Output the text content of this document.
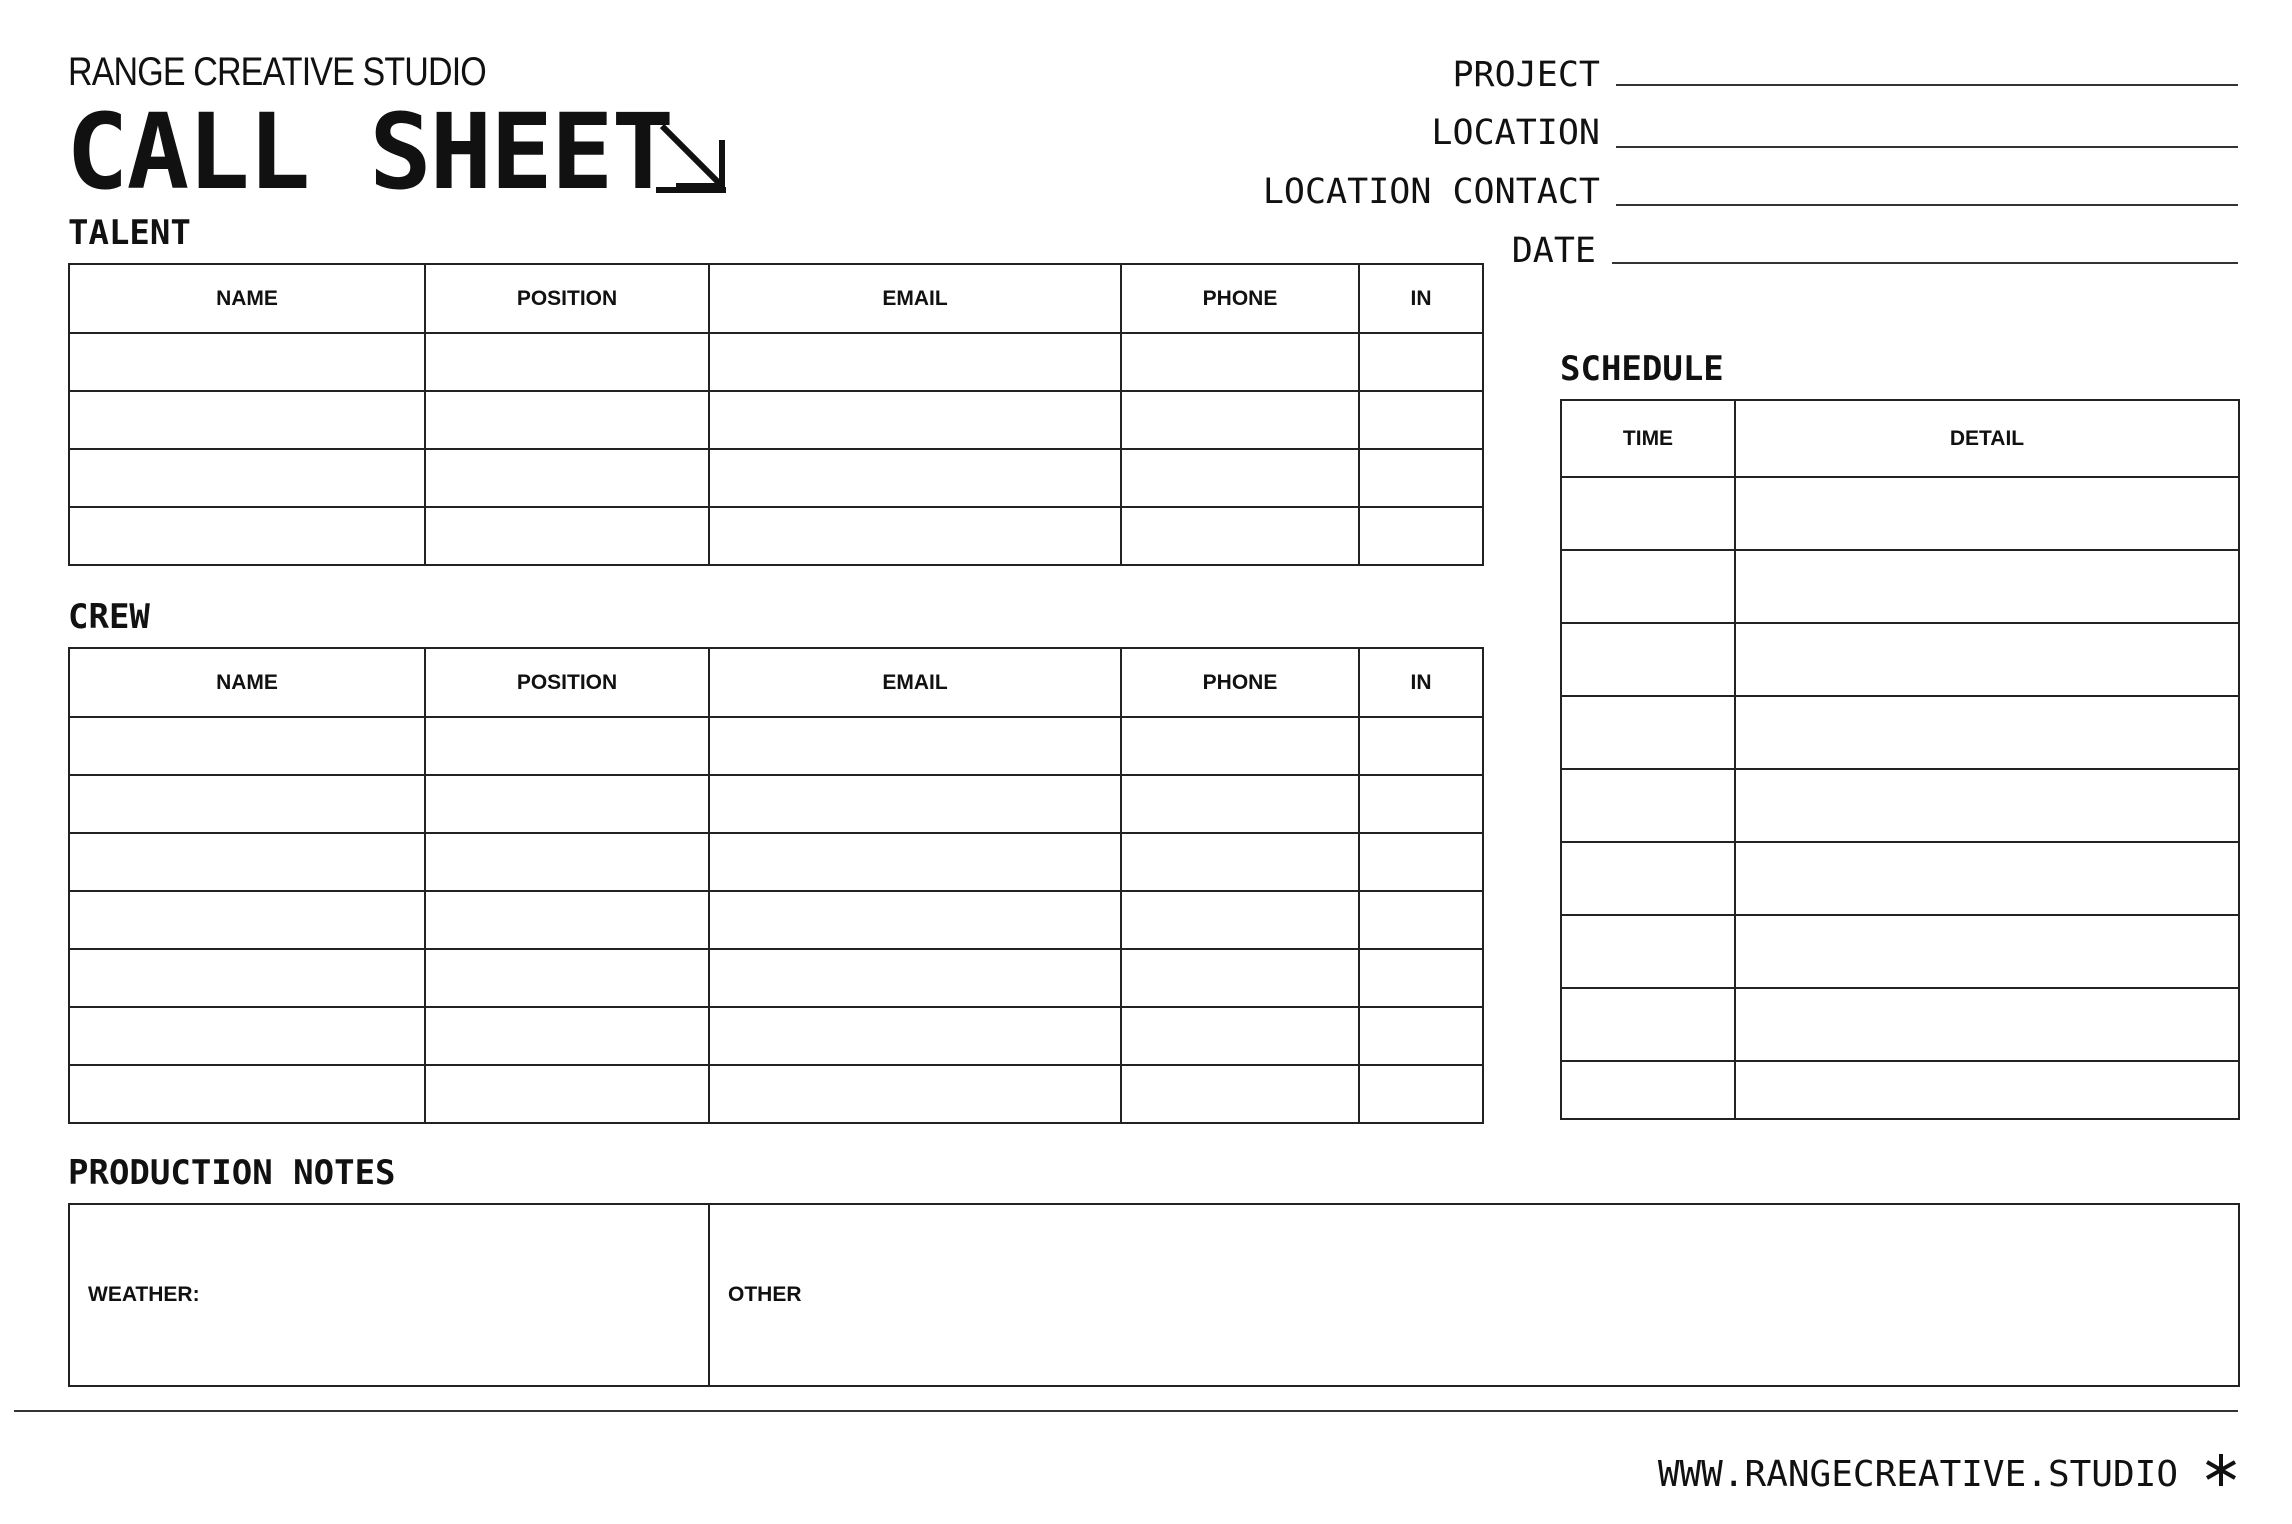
RANGE CREATIVE STUDIO
CALL SHEET
PROJECT
LOCATION
LOCATION CONTACT
DATE
TALENT
NAME	POSITION	EMAIL	PHONE	IN

CREW
NAME	POSITION	EMAIL	PHONE	IN

SCHEDULE
TIME	DETAIL

PRODUCTION NOTES
WEATHER:	OTHER
WWW.RANGECREATIVE.STUDIO
